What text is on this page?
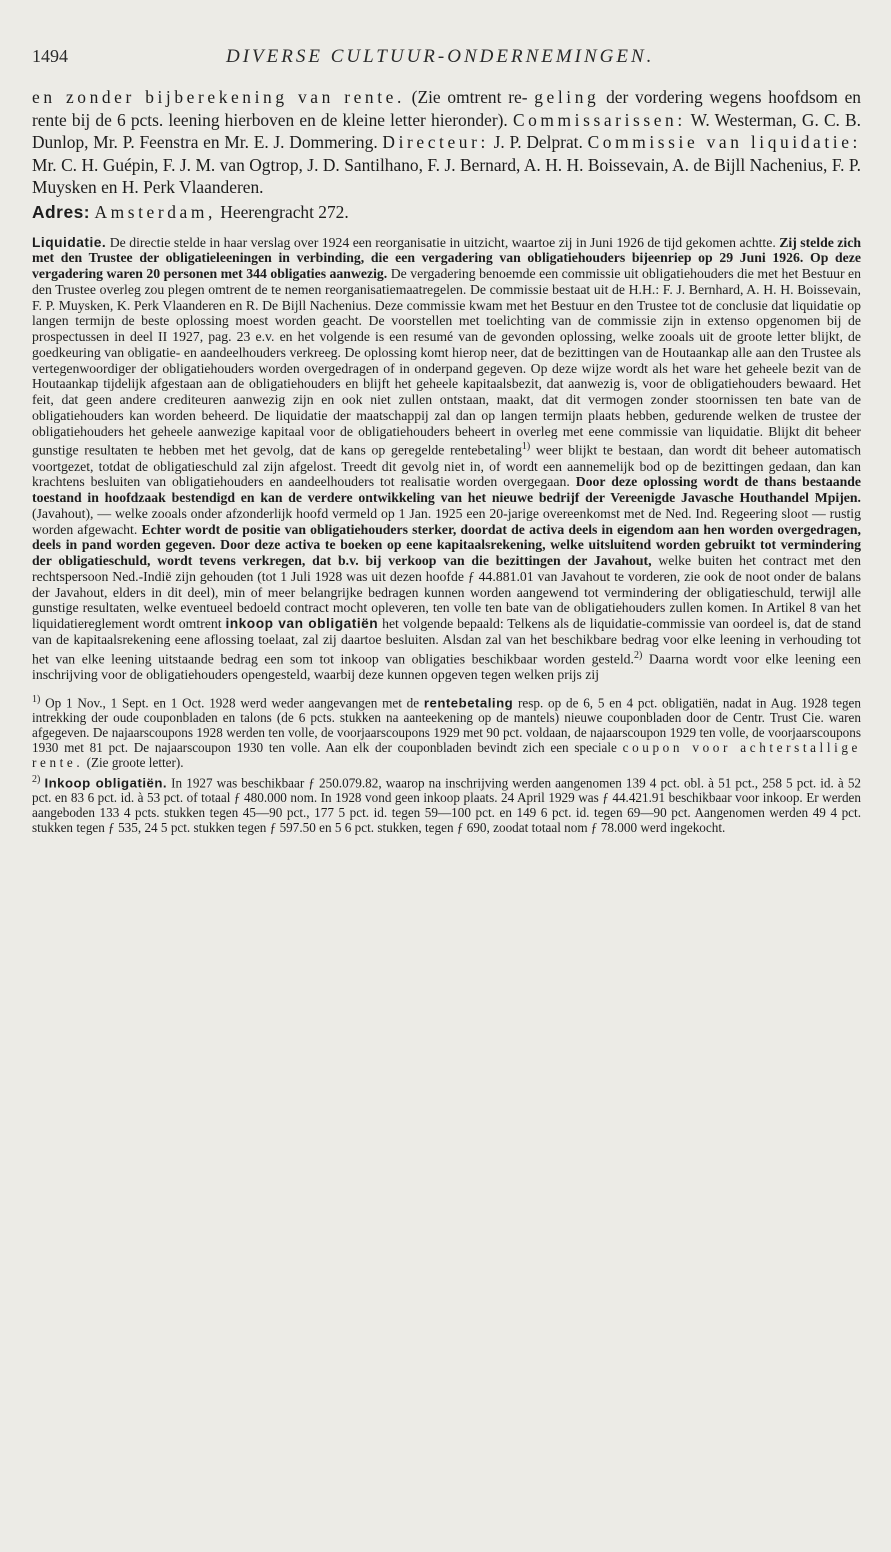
1494	DIVERSE CULTUUR-ONDERNEMINGEN.
en zonder bijberekening van rente. (Zie omtrent re- geling der vordering wegens hoofdsom en rente bij de 6 pcts. leening hierboven en de kleine letter hieronder). Commissarissen: W. Westerman, G. C. B. Dunlop, Mr. P. Feenstra en Mr. E. J. Dommering. Directeur: J. P. Delprat. Commissie van liquidatie: Mr. C. H. Guépin, F. J. M. van Ogtrop, J. D. Santilhano, F. J. Bernard, A. H. H. Boissevain, A. de Bijll Nachenius, F. P. Muysken en H. Perk Vlaanderen.
Adres: Amsterdam, Heerengracht 272.

Liquidatie. De directie stelde in haar verslag over 1924 een reorganisatie in uitzicht, waartoe zij in Juni 1926 de tijd gekomen achtte. Zij stelde zich met den Trustee der obligatieleeningen in verbinding, die een vergadering van obligatiehouders bijeenriep op 29 Juni 1926. Op deze vergadering waren 20 personen met 344 obligaties aanwezig. De vergadering benoemde een commissie uit obligatiehouders die met het Bestuur en den Trustee overleg zou plegen omtrent de te nemen reorganisatiemaatregelen. De commissie bestaat uit de H.H.: F. J. Bernhard, A. H. H. Boissevain, F. P. Muysken, K. Perk Vlaanderen en R. De Bijll Nachenius. Deze commissie kwam met het Bestuur en den Trustee tot de conclusie dat liquidatie op langen termijn de beste oplossing moest worden geacht. De voorstellen met toelichting van de commissie zijn in extenso opgenomen bij de prospectussen in deel II 1927, pag. 23 e.v. en het volgende is een resumé van de gevonden oplossing, welke zooals uit de groote letter blijkt, de goedkeuring van obligatie- en aandeelhouders verkreeg. De oplossing komt hierop neer, dat de bezittingen van de Houtaankap alle aan den Trustee als vertegenwoordiger der obligatiehouders worden overgedragen of in onderpand gegeven. Op deze wijze wordt als het ware het geheele bezit van de Houtaankap tijdelijk afgestaan aan de obligatiehouders en blijft het geheele kapitaalsbezit, dat aanwezig is, voor de obligatiehouders bewaard. Het feit, dat geen andere crediteuren aanwezig zijn en ook niet zullen ontstaan, maakt, dat dit vermogen zonder stoornissen ten bate van de obligatiehouders kan worden beheerd. De liquidatie der maatschappij zal dan op langen termijn plaats hebben, gedurende welken de trustee der obligatiehouders het geheele aanwezige kapitaal voor de obligatiehouders beheert in overleg met eene commissie van liquidatie. Blijkt dit beheer gunstige resultaten te hebben met het gevolg, dat de kans op geregelde rentebetaling$^{1)}$ weer blijkt te bestaan, dan wordt dit beheer automatisch voortgezet, totdat de obligatieschuld zal zijn afgelost. Treedt dit gevolg niet in, of wordt een aannemelijk bod op de bezittingen gedaan, dan kan krachtens besluiten van obligatiehouders en aandeelhouders tot realisatie worden overgegaan. Door deze oplossing wordt de thans bestaande toestand in hoofdzaak bestendigd en kan de verdere ontwikkeling van het nieuwe bedrijf der Vereenigde Javasche Houthandel Mpijen. (Javahout), — welke zooals onder afzonderlijk hoofd vermeld op 1 Jan. 1925 een 20-jarige overeenkomst met de Ned. Ind. Regeering sloot — rustig worden afgewacht. Echter wordt de positie van obligatiehouders sterker, doordat de activa deels in eigendom aan hen worden overgedragen, deels in pand worden gegeven. Door deze activa te boeken op eene kapitaalsrekening, welke uitsluitend worden gebruikt tot vermindering der obligatieschuld, wordt tevens verkregen, dat b.v. bij verkoop van die bezittingen der Javahout, welke buiten het contract met den rechtspersoon Ned.-Indië zijn gehouden (tot 1 Juli 1928 was uit dezen hoofde ƒ 44.881.01 van Javahout te vorderen, zie ook de noot onder de balans der Javahout, elders in dit deel), min of meer belangrijke bedragen kunnen worden aangewend tot vermindering der obligatieschuld, terwijl alle gunstige resultaten, welke eventueel bedoeld contract mocht opleveren, ten volle ten bate van de obligatiehouders zullen komen. In Artikel 8 van het liquidatiereglement wordt omtrent inkoop van obligatiën het volgende bepaald: Telkens als de liquidatie-commissie van oordeel is, dat de stand van de kapitaalsrekening eene aflossing toelaat, zal zij daartoe besluiten. Alsdan zal van het beschikbare bedrag voor elke leening in verhouding tot het van elke leening uitstaande bedrag een som tot inkoop van obligaties beschikbaar worden gesteld.$^{2)}$ Daarna wordt voor elke leening een inschrijving voor de obligatiehouders opengesteld, waarbij deze kunnen opgeven tegen welken prijs zij

$^{1)}$ Op 1 Nov., 1 Sept. en 1 Oct. 1928 werd weder aangevangen met de rentebetaling resp. op de 6, 5 en 4 pct. obligatiën, nadat in Aug. 1928 tegen intrekking der oude couponbladen en talons (de 6 pcts. stukken na aanteekening op de mantels) nieuwe couponbladen door de Centr. Trust Cie. waren afgegeven. De najaarscoupons 1928 werden ten volle, de voorjaarscoupons 1929 met 90 pct. voldaan, de najaarscoupon 1929 ten volle, de voorjaarscoupons 1930 met 81 pct. De najaarscoupon 1930 ten volle. Aan elk der couponbladen bevindt zich een speciale coupon voor achterstallige rente. (Zie groote letter).

$^{2)}$ Inkoop obligatiën. In 1927 was beschikbaar ƒ 250.079.82, waarop na inschrijving werden aangenomen 139 4 pct. obl. à 51 pct., 258 5 pct. id. à 52 pct. en 83 6 pct. id. à 53 pct. of totaal ƒ 480.000 nom. In 1928 vond geen inkoop plaats. 24 April 1929 was ƒ 44.421.91 beschikbaar voor inkoop. Er werden aangeboden 133 4 pcts. stukken tegen 45—90 pct., 177 5 pct. id. tegen 59—100 pct. en 149 6 pct. id. tegen 69—90 pct. Aangenomen werden 49 4 pct. stukken tegen ƒ 535, 24 5 pct. stukken tegen ƒ 597.50 en 5 6 pct. stukken, tegen ƒ 690, zoodat totaal nom ƒ 78.000 werd ingekocht.
